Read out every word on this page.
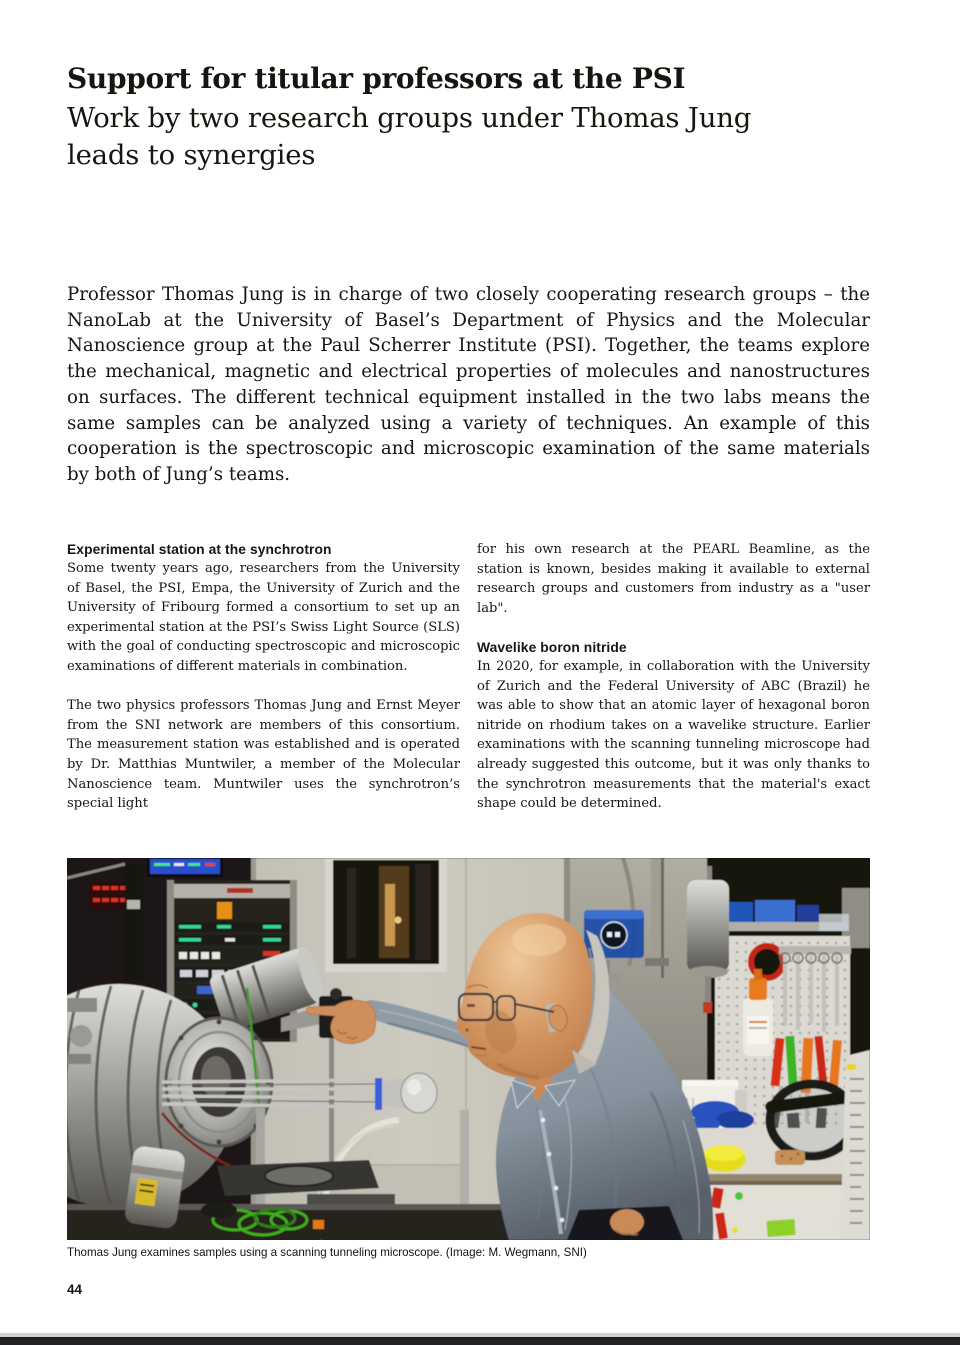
Support for titular professors at the PSI
Work by two research groups under Thomas Jung leads to synergies

Professor Thomas Jung is in charge of two closely cooperating research groups – the NanoLab at the University of Basel’s Department of Physics and the Molecular Nanoscience group at the Paul Scherrer Institute (PSI). Together, the teams explore the mechanical, magnetic and electrical properties of molecules and nanostructures on surfaces. The different technical equipment installed in the two labs means the same samples can be analyzed using a variety of techniques. An example of this cooperation is the spectroscopic and microscopic examination of the same materials by both of Jung’s teams.

Experimental station at the synchrotron

Some twenty years ago, researchers from the University of Basel, the PSI, Empa, the University of Zurich and the University of Fribourg formed a consortium to set up an experimental station at the PSI’s Swiss Light Source (SLS) with the goal of conducting spectroscopic and microscopic examinations of different materials in combination.

The two physics professors Thomas Jung and Ernst Meyer from the SNI network are members of this consortium. The measurement station was established and is operated by Dr. Matthias Muntwiler, a member of the Molecular Nanoscience team. Muntwiler uses the synchrotron’s special light

for his own research at the PEARL Beamline, as the station is known, besides making it available to external research groups and customers from industry as a "user lab".

Wavelike boron nitride

In 2020, for example, in collaboration with the University of Zurich and the Federal University of ABC (Brazil) he was able to show that an atomic layer of hexagonal boron nitride on rhodium takes on a wavelike structure. Earlier examinations with the scanning tunneling microscope had already suggested this outcome, but it was only thanks to the synchrotron measurements that the material's exact shape could be determined.

Thomas Jung examines samples using a scanning tunneling microscope. (Image: M. Wegmann, SNI)
44
